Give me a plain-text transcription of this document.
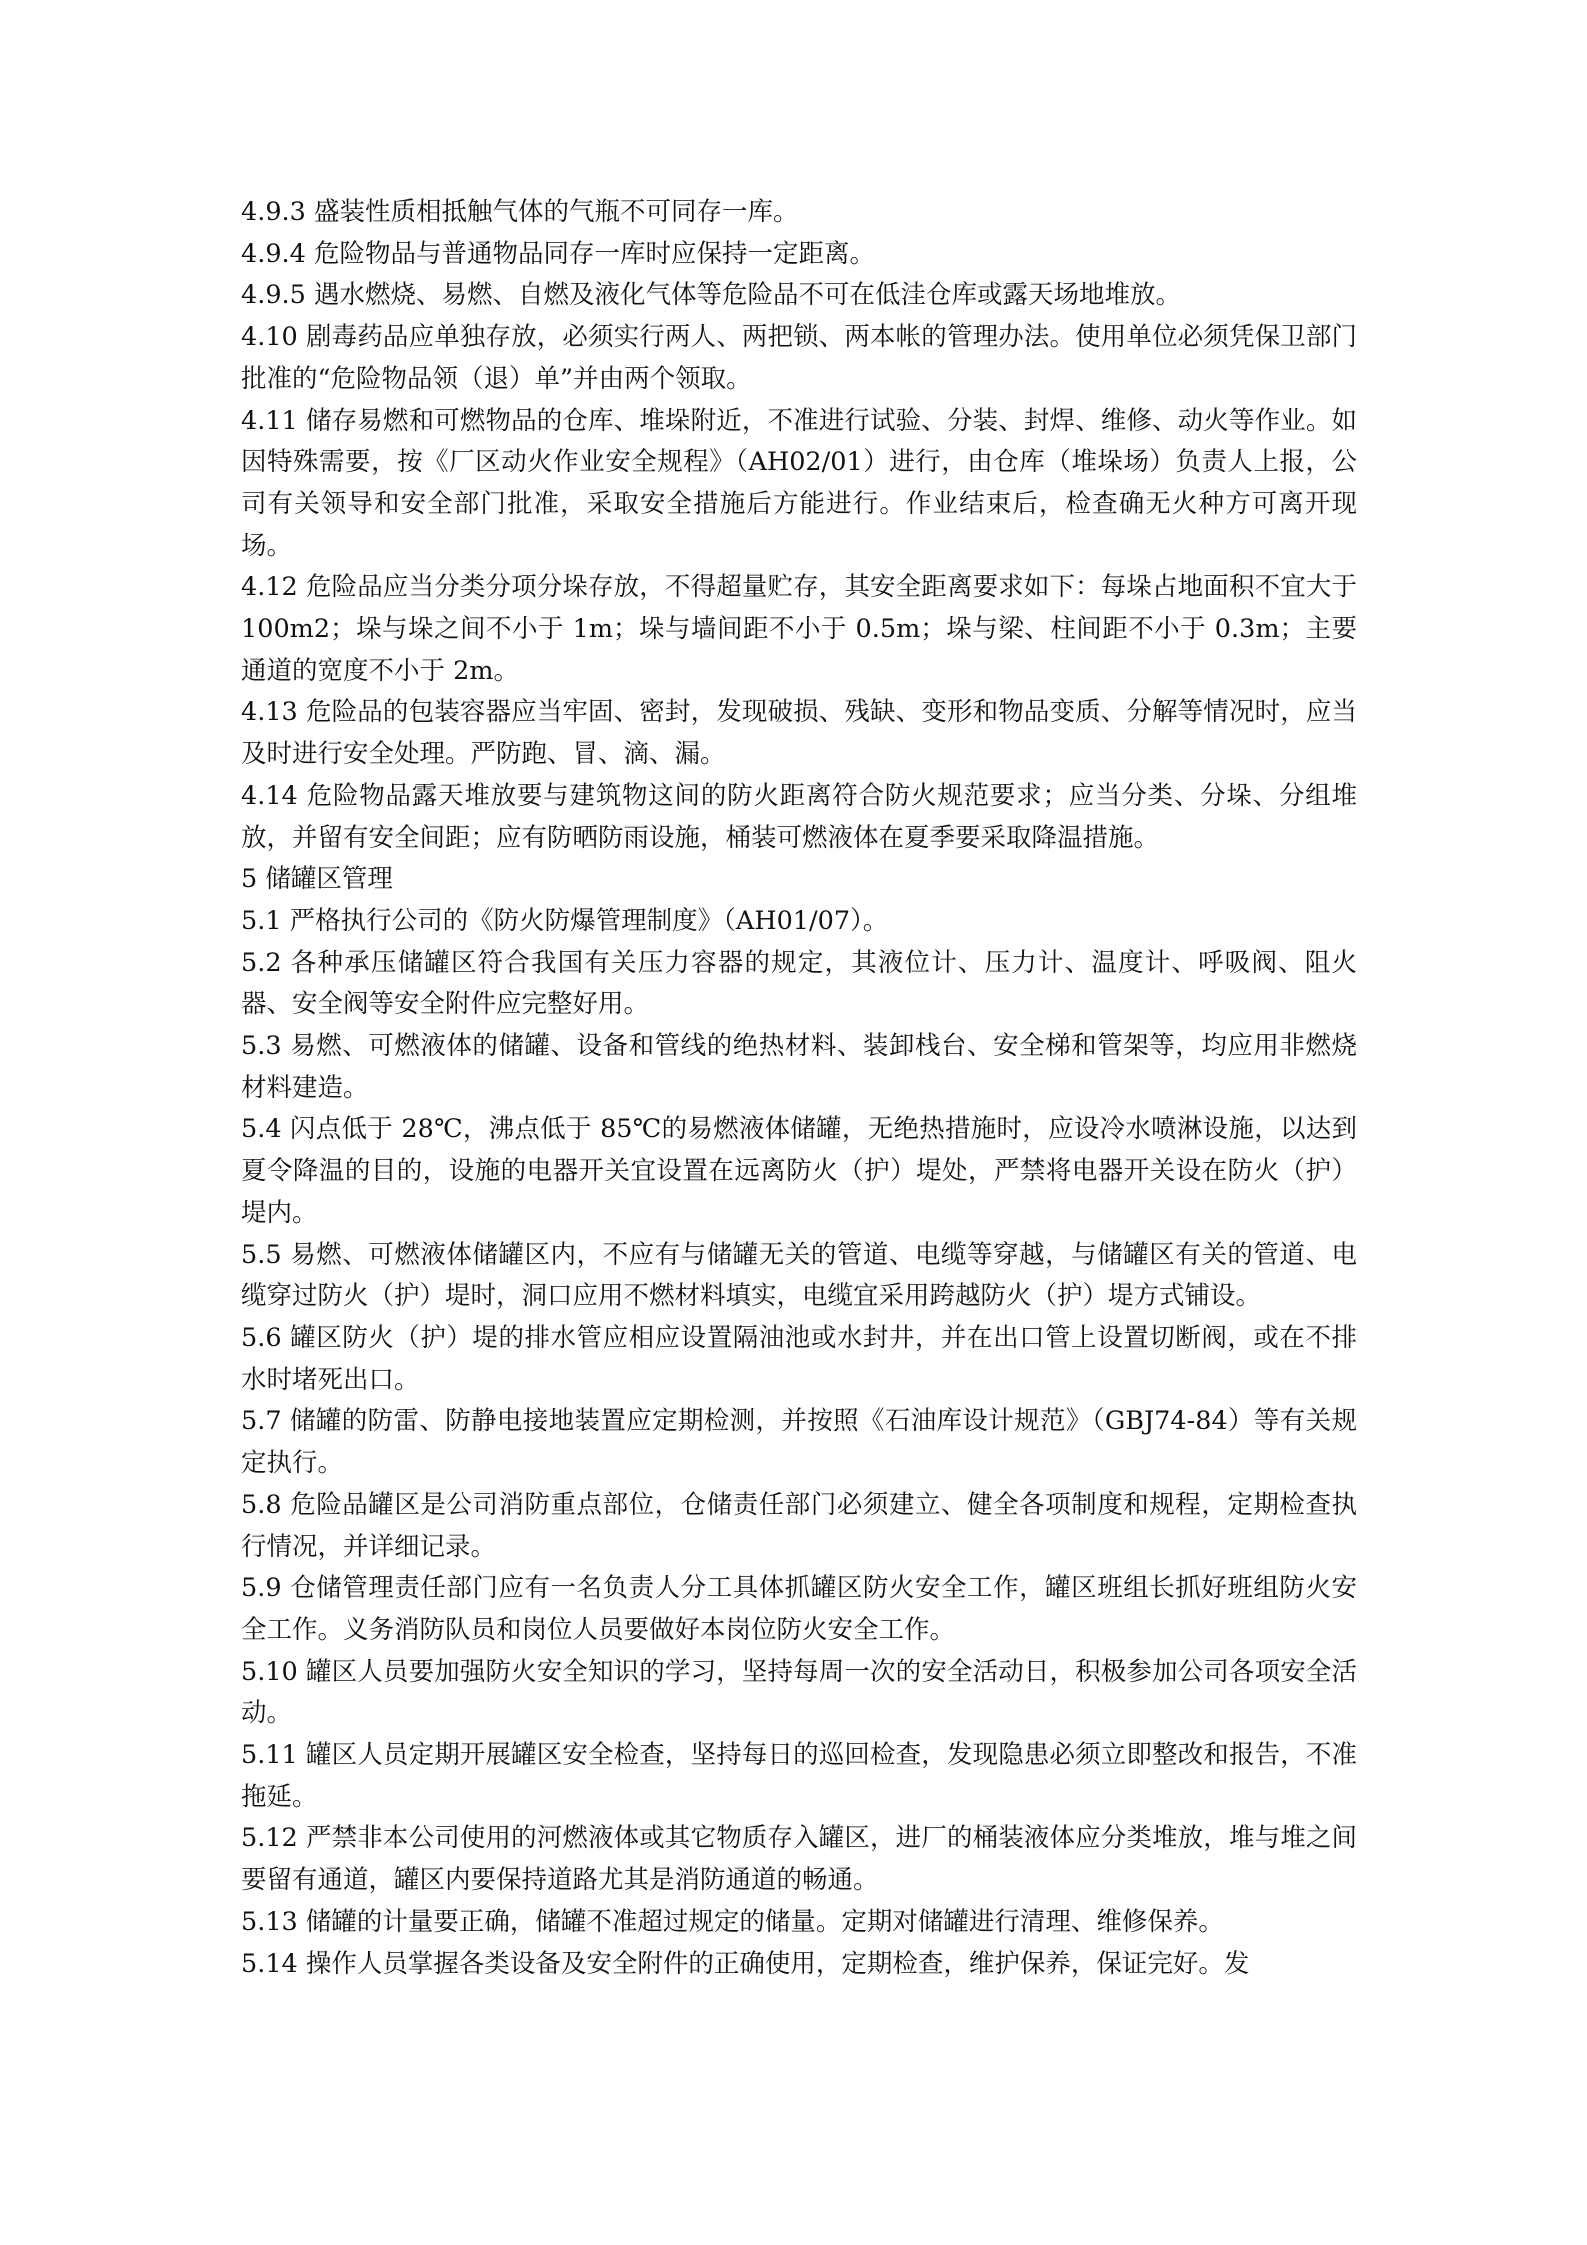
4.9.3 盛装性质相抵触气体的气瓶不可同存一库。

4.9.4 危险物品与普通物品同存一库时应保持一定距离。

4.9.5 遇水燃烧、易燃、自燃及液化气体等危险品不可在低洼仓库或露天场地堆放。

4.10 剧毒药品应单独存放，必须实行两人、两把锁、两本帐的管理办法。使用单位必须凭保卫部门批准的“危险物品领（退）单”并由两个领取。

4.11 储存易燃和可燃物品的仓库、堆垛附近，不准进行试验、分装、封焊、维修、动火等作业。如因特殊需要，按《厂区动火作业安全规程》（AH02/01）进行，由仓库（堆垛场）负责人上报，公司有关领导和安全部门批准，采取安全措施后方能进行。作业结束后，检查确无火种方可离开现场。

4.12 危险品应当分类分项分垛存放，不得超量贮存，其安全距离要求如下：每垛占地面积不宜大于 100m2；垛与垛之间不小于 1m；垛与墙间距不小于 0.5m；垛与梁、柱间距不小于 0.3m；主要通道的宽度不小于 2m。

4.13 危险品的包装容器应当牢固、密封，发现破损、残缺、变形和物品变质、分解等情况时，应当及时进行安全处理。严防跑、冒、滴、漏。

4.14 危险物品露天堆放要与建筑物这间的防火距离符合防火规范要求；应当分类、分垛、分组堆放，并留有安全间距；应有防晒防雨设施，桶装可燃液体在夏季要采取降温措施。

5 储罐区管理

5.1 严格执行公司的《防火防爆管理制度》（AH01/07）。

5.2 各种承压储罐区符合我国有关压力容器的规定，其液位计、压力计、温度计、呼吸阀、阻火器、安全阀等安全附件应完整好用。

5.3 易燃、可燃液体的储罐、设备和管线的绝热材料、装卸栈台、安全梯和管架等，均应用非燃烧材料建造。

5.4 闪点低于 28℃，沸点低于 85℃的易燃液体储罐，无绝热措施时，应设冷水喷淋设施，以达到夏令降温的目的，设施的电器开关宜设置在远离防火（护）堤处，严禁将电器开关设在防火（护）堤内。

5.5 易燃、可燃液体储罐区内，不应有与储罐无关的管道、电缆等穿越，与储罐区有关的管道、电缆穿过防火（护）堤时，洞口应用不燃材料填实，电缆宜采用跨越防火（护）堤方式铺设。

5.6 罐区防火（护）堤的排水管应相应设置隔油池或水封井，并在出口管上设置切断阀，或在不排水时堵死出口。

5.7 储罐的防雷、防静电接地装置应定期检测，并按照《石油库设计规范》（GBJ74-84）等有关规定执行。

5.8 危险品罐区是公司消防重点部位，仓储责任部门必须建立、健全各项制度和规程，定期检查执行情况，并详细记录。

5.9 仓储管理责任部门应有一名负责人分工具体抓罐区防火安全工作，罐区班组长抓好班组防火安全工作。义务消防队员和岗位人员要做好本岗位防火安全工作。

5.10 罐区人员要加强防火安全知识的学习，坚持每周一次的安全活动日，积极参加公司各项安全活动。

5.11 罐区人员定期开展罐区安全检查，坚持每日的巡回检查，发现隐患必须立即整改和报告，不准拖延。

5.12 严禁非本公司使用的河燃液体或其它物质存入罐区，进厂的桶装液体应分类堆放，堆与堆之间要留有通道，罐区内要保持道路尤其是消防通道的畅通。

5.13 储罐的计量要正确，储罐不准超过规定的储量。定期对储罐进行清理、维修保养。

5.14 操作人员掌握各类设备及安全附件的正确使用，定期检查，维护保养，保证完好。发
